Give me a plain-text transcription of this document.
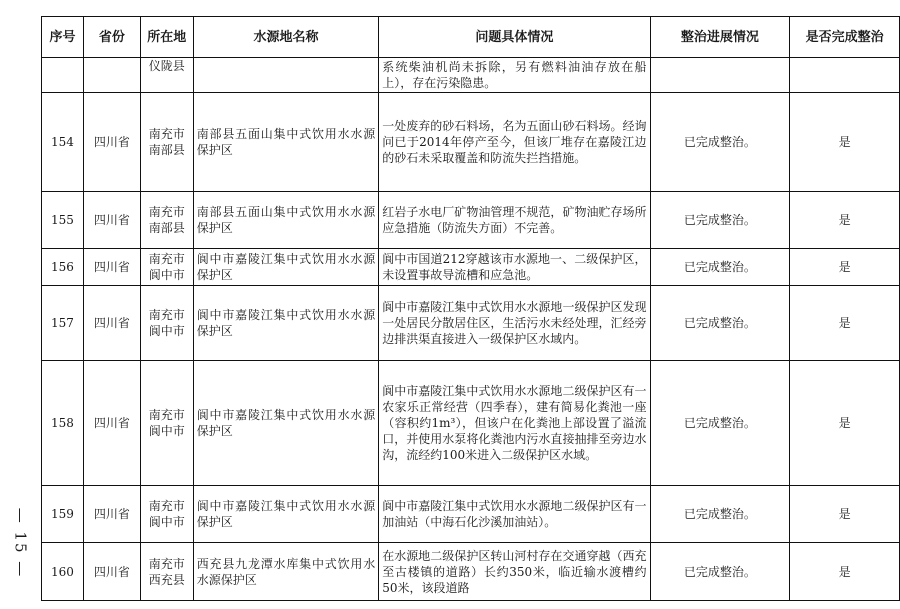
— 15 —
序号	省份	所在地	水源地名称	问题具体情况	整治进展情况	是否完成整治
		仪陇县		系统柴油机尚未拆除，另有燃料油油存放在船上），存在污染隐患。		
154	四川省	南充市南部县	南部县五面山集中式饮用水水源保护区	一处废弃的砂石料场，名为五面山砂石料场。经询问已于2014年停产至今，但该厂堆存在嘉陵江边的砂石未采取覆盖和防流失拦挡措施。	已完成整治。	是
155	四川省	南充市南部县	南部县五面山集中式饮用水水源保护区	红岩子水电厂矿物油管理不规范，矿物油贮存场所应急措施（防流失方面）不完善。	已完成整治。	是
156	四川省	南充市阆中市	阆中市嘉陵江集中式饮用水水源保护区	阆中市国道212穿越该市水源地一、二级保护区，未设置事故导流槽和应急池。	已完成整治。	是
157	四川省	南充市阆中市	阆中市嘉陵江集中式饮用水水源保护区	阆中市嘉陵江集中式饮用水水源地一级保护区发现一处居民分散居住区，生活污水未经处理，汇经旁边排洪渠直接进入一级保护区水域内。	已完成整治。	是
158	四川省	南充市阆中市	阆中市嘉陵江集中式饮用水水源保护区	阆中市嘉陵江集中式饮用水水源地二级保护区有一农家乐正常经营（四季春），建有简易化粪池一座（容积约1m³），但该户在化粪池上部设置了溢流口，并使用水泵将化粪池内污水直接抽排至旁边水沟，流经约100米进入二级保护区水域。	已完成整治。	是
159	四川省	南充市阆中市	阆中市嘉陵江集中式饮用水水源保护区	阆中市嘉陵江集中式饮用水水源地二级保护区有一加油站（中海石化沙溪加油站）。	已完成整治。	是
160	四川省	南充市西充县	西充县九龙潭水库集中式饮用水水源保护区	在水源地二级保护区转山河村存在交通穿越（西充至古楼镇的道路）长约350米，临近输水渡槽约50米，该段道路	已完成整治。	是
